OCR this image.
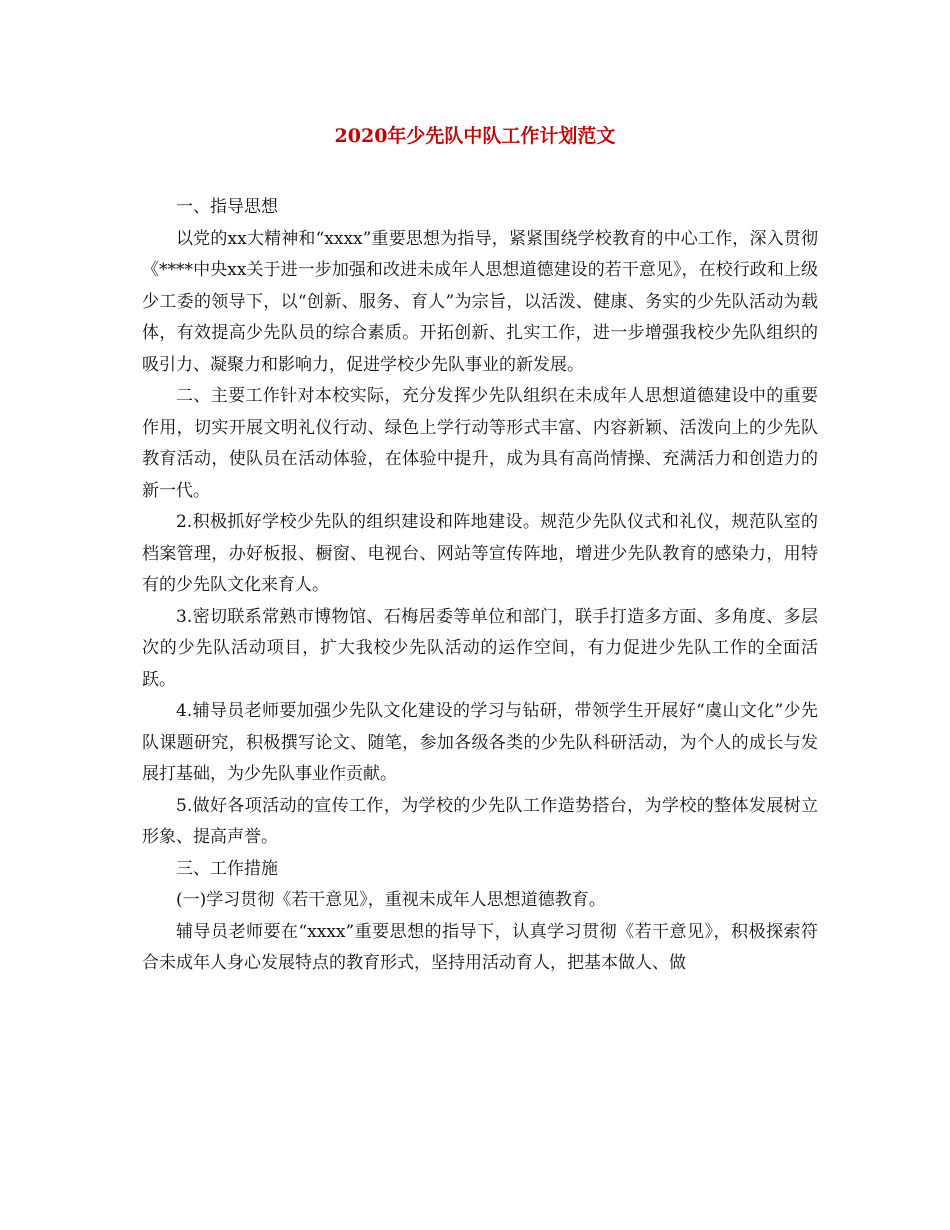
2020年少先队中队工作计划范文

一、指导思想

以党的xx大精神和“xxxx”重要思想为指导，紧紧围绕学校教育的中心工作，深入贯彻《****中央xx关于进一步加强和改进未成年人思想道德建设的若干意见》，在校行政和上级少工委的领导下，以“创新、服务、育人”为宗旨，以活泼、健康、务实的少先队活动为载体，有效提高少先队员的综合素质。开拓创新、扎实工作，进一步增强我校少先队组织的吸引力、凝聚力和影响力，促进学校少先队事业的新发展。

二、主要工作针对本校实际，充分发挥少先队组织在未成年人思想道德建设中的重要作用，切实开展文明礼仪行动、绿色上学行动等形式丰富、内容新颖、活泼向上的少先队教育活动，使队员在活动体验，在体验中提升，成为具有高尚情操、充满活力和创造力的新一代。

2.积极抓好学校少先队的组织建设和阵地建设。规范少先队仪式和礼仪，规范队室的档案管理，办好板报、橱窗、电视台、网站等宣传阵地，增进少先队教育的感染力，用特有的少先队文化来育人。

3.密切联系常熟市博物馆、石梅居委等单位和部门，联手打造多方面、多角度、多层次的少先队活动项目，扩大我校少先队活动的运作空间，有力促进少先队工作的全面活跃。

4.辅导员老师要加强少先队文化建设的学习与钻研，带领学生开展好“虞山文化”少先队课题研究，积极撰写论文、随笔，参加各级各类的少先队科研活动，为个人的成长与发展打基础，为少先队事业作贡献。

5.做好各项活动的宣传工作，为学校的少先队工作造势搭台，为学校的整体发展树立形象、提高声誉。

三、工作措施

(一)学习贯彻《若干意见》，重视未成年人思想道德教育。

辅导员老师要在“xxxx”重要思想的指导下，认真学习贯彻《若干意见》，积极探索符合未成年人身心发展特点的教育形式，坚持用活动育人，把基本做人、做
